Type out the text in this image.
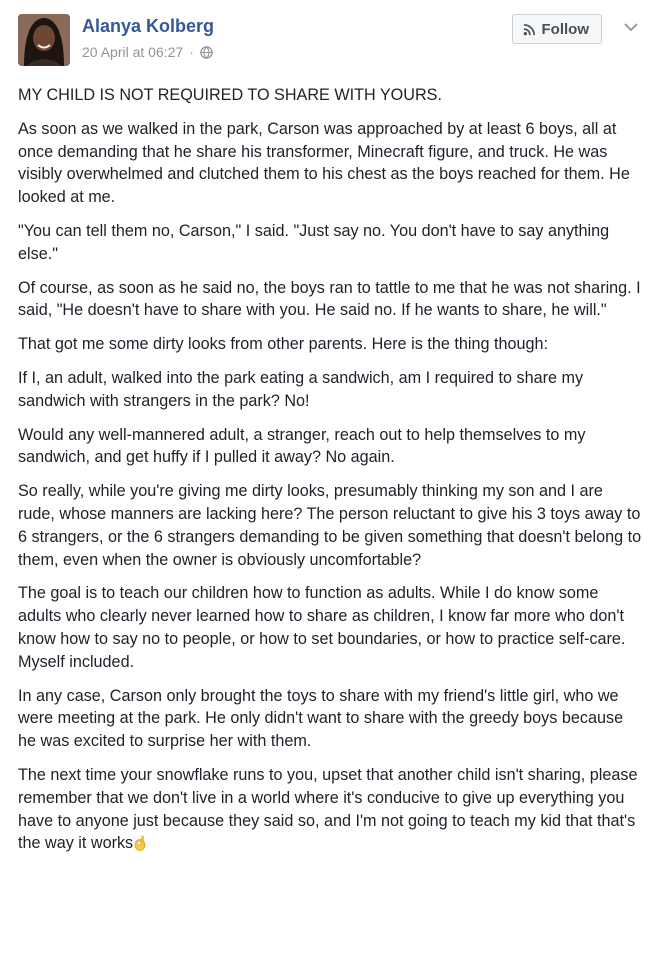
Alanya Kolberg
20 April at 06:27 ·
Follow

MY CHILD IS NOT REQUIRED TO SHARE WITH YOURS.

As soon as we walked in the park, Carson was approached by at least 6 boys, all at once demanding that he share his transformer, Minecraft figure, and truck. He was visibly overwhelmed and clutched them to his chest as the boys reached for them. He looked at me.

"You can tell them no, Carson," I said. "Just say no. You don't have to say anything else."

Of course, as soon as he said no, the boys ran to tattle to me that he was not sharing. I said, "He doesn't have to share with you. He said no. If he wants to share, he will."

That got me some dirty looks from other parents. Here is the thing though:

If I, an adult, walked into the park eating a sandwich, am I required to share my sandwich with strangers in the park? No!

Would any well-mannered adult, a stranger, reach out to help themselves to my sandwich, and get huffy if I pulled it away? No again.

So really, while you're giving me dirty looks, presumably thinking my son and I are rude, whose manners are lacking here? The person reluctant to give his 3 toys away to 6 strangers, or the 6 strangers demanding to be given something that doesn't belong to them, even when the owner is obviously uncomfortable?

The goal is to teach our children how to function as adults. While I do know some adults who clearly never learned how to share as children, I know far more who don't know how to say no to people, or how to set boundaries, or how to practice self-care. Myself included.

In any case, Carson only brought the toys to share with my friend's little girl, who we were meeting at the park. He only didn't want to share with the greedy boys because he was excited to surprise her with them.

The next time your snowflake runs to you, upset that another child isn't sharing, please remember that we don't live in a world where it's conducive to give up everything you have to anyone just because they said so, and I'm not going to teach my kid that that's the way it works
